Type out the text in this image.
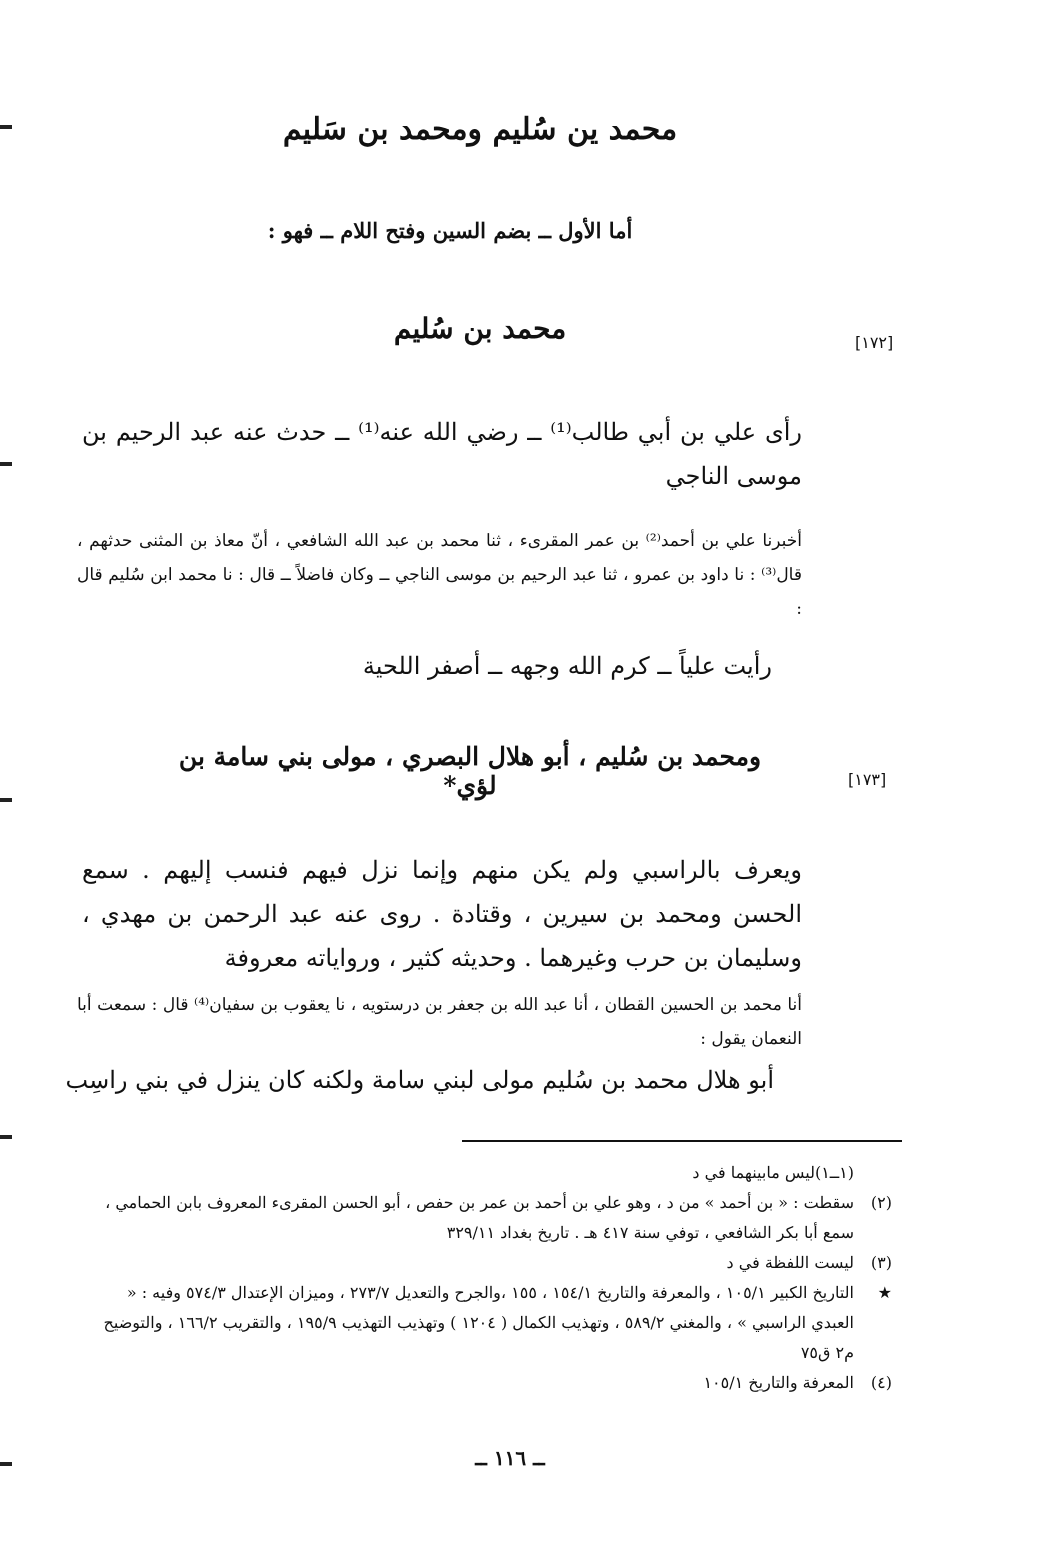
محمد ين سُليم ومحمد بن سَليم
أما الأول ــ بضم السين وفتح اللام ــ فهو :
[۱۷۲]
محمد بن سُليم
رأى علي بن أبي طالب⁽¹⁾ ــ رضي الله عنه⁽¹⁾ ــ حدث عنه عبد الرحيم بن موسى الناجي
أخبرنا علي بن أحمد⁽²⁾ بن عمر المقرىء ، ثنا محمد بن عبد الله الشافعي ، أنّ معاذ بن المثنى حدثهم ، قال⁽³⁾ : نا داود بن عمرو ، ثنا عبد الرحيم بن موسى الناجي ــ وكان فاضلاً ــ قال : نا محمد ابن سُليم قال :
رأيت علياً ــ كرم الله وجهه ــ أصفر اللحية
[۱۷۳]
ومحمد بن سُليم ، أبو هلال البصري ، مولى بني سامة بن لؤي*
ويعرف بالراسبي ولم يكن منهم وإنما نزل فيهم فنسب إليهم . سمع الحسن ومحمد بن سيرين ، وقتادة . روى عنه عبد الرحمن بن مهدي ، وسليمان بن حرب وغيرهما . وحديثه كثير ، ورواياته معروفة
أنا محمد بن الحسين القطان ، أنا عبد الله بن جعفر بن درستويه ، نا يعقوب بن سفيان⁽⁴⁾ قال : سمعت أبا النعمان يقول :
أبو هلال محمد بن سُليم مولى لبني سامة ولكنه كان ينزل في بني راسِب
(۱ــ۱)ليس مابينهما في د
(۲)
سقطت : « بن أحمد » من د ، وهو علي بن أحمد بن عمر بن حفص ، أبو الحسن المقرىء المعروف بابن الحمامي ، سمع أبا بكر الشافعي ، توفي سنة ٤١٧ هـ . تاريخ بغداد ۳۲۹/۱۱
(۳)
ليست اللفظة في د
★
التاريخ الكبير ۱۰٥/۱ ، والمعرفة والتاريخ ١٥٤/١ ، ١٥٥ ،والجرح والتعديل ۲۷۳/۷ ، وميزان الإعتدال ٥٧٤/٣ وفيه : « العبدي الراسبي » ، والمغني ٥٨٩/٢ ، وتهذيب الكمال ( ١٢٠٤ ) وتهذيب التهذيب ١٩٥/٩ ، والتقريب ١٦٦/٢ ، والتوضيح م٢ ق٧٥
(٤)
المعرفة والتاريخ ١٠٥/١
ــ ۱۱٦ ــ
